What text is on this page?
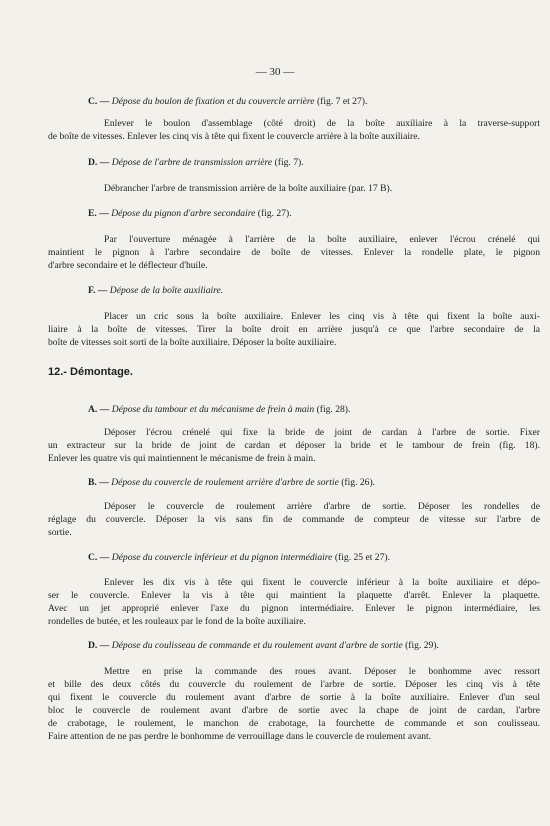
— 30 —
C. — Dépose du boulon de fixation et du couvercle arrière (fig. 7 et 27).
Enlever le boulon d'assemblage (côté droit) de la boîte auxiliaire à la traverse-support
de boîte de vitesses. Enlever les cinq vis à tête qui fixent le couvercle arrière à la boîte auxiliaire.
D. — Dépose de l'arbre de transmission arrière (fig. 7).
Débrancher l'arbre de transmission arrière de la boîte auxiliaire (par. 17 B).
E. — Dépose du pignon d'arbre secondaire (fig. 27).
Par l'ouverture ménagée à l'arrière de la boîte auxiliaire, enlever l'écrou crénelé qui
maintient le pignon à l'arbre secondaire de boîte de vitesses. Enlever la rondelle plate, le pignon
d'arbre secondaire et le déflecteur d'huile.
F. — Dépose de la boîte auxiliaire.
Placer un cric sous la boîte auxiliaire. Enlever les cinq vis à tête qui fixent la boîte auxi-
liaire à la boîte de vitesses. Tirer la boîte droit en arrière jusqu'à ce que l'arbre secondaire de la
boîte de vitesses soit sorti de la boîte auxiliaire. Déposer la boîte auxiliaire.
12.- Démontage.
A. — Dépose du tambour et du mécanisme de frein à main (fig. 28).
Déposer l'écrou crénelé qui fixe la bride de joint de cardan à l'arbre de sortie. Fixer
un extracteur sur la bride de joint de cardan et déposer la bride et le tambour de frein (fig. 18).
Enlever les quatre vis qui maintiennent le mécanisme de frein à main.
B. — Dépose du couvercle de roulement arrière d'arbre de sortie (fig. 26).
Déposer le couvercle de roulement arrière d'arbre de sortie. Déposer les rondelles de
réglage du couvercle. Déposer la vis sans fin de commande de compteur de vitesse sur l'arbre de
sortie.
C. — Dépose du couvercle inférieur et du pignon intermédiaire (fig. 25 et 27).
Enlever les dix vis à tête qui fixent le couvercle inférieur à la boîte auxiliaire et dépo-
ser le couvercle. Enlever la vis à tête qui maintient la plaquette d'arrêt. Enlever la plaquette.
Avec un jet approprié enlever l'axe du pignon intermédiaire. Enlever le pignon intermédiaire, les
rondelles de butée, et les rouleaux par le fond de la boîte auxiliaire.
D. — Dépose du coulisseau de commande et du roulement avant d'arbre de sortie (fig. 29).
Mettre en prise la commande des roues avant. Déposer le bonhomme avec ressort
et bille des deux côtés du couvercle du roulement de l'arbre de sortie. Déposer les cinq vis à tête
qui fixent le couvercle du roulement avant d'arbre de sortie à la boîte auxiliaire. Enlever d'un seul
bloc le couvercle de roulement avant d'arbre de sortie avec la chape de joint de cardan, l'arbre
de crabotage, le roulement, le manchon de crabotage, la fourchette de commande et son coulisseau.
Faire attention de ne pas perdre le bonhomme de verrouillage dans le couvercle de roulement avant.
